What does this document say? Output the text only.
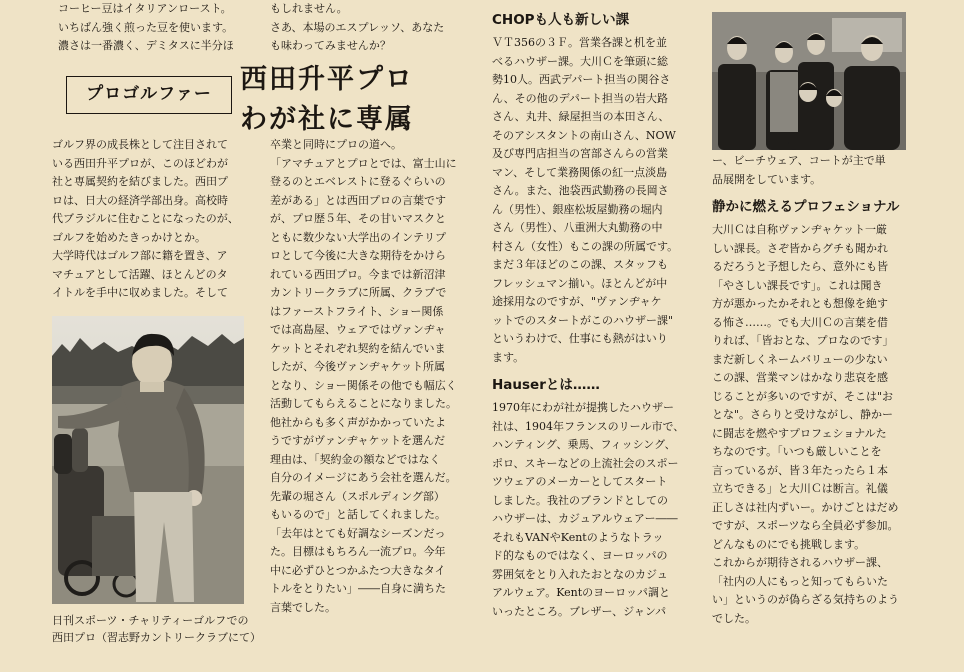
コーヒー豆はイタリアンロースト。
いちばん強く煎った豆を使います。
濃さは一番濃く、デミタスに半分ほ
もしれません。
さあ、本場のエスプレッソ、あなた
も味わってみませんか？
プロゴルファー	西田升平プロ
わが社に専属
ゴルフ界の成長株として注目されて
いる西田升平プロが、このほどわが
社と専属契約を結びました。西田プ
ロは、日大の経済学部出身。高校時
代ブラジルに住むことになったのが、
ゴルフを始めたきっかけとか。
大学時代はゴルフ部に籍を置き、ア
マチュアとして活躍、ほとんどのタ
イトルを手中に収めました。そして
日刊スポーツ・チャリティーゴルフでの
西田プロ（習志野カントリークラブにて）
卒業と同時にプロの道へ。
「アマチュアとプロとでは、富士山に
登るのとエベレストに登るぐらいの
差がある」とは西田プロの言葉です
が、プロ歴５年、その甘いマスクと
ともに数少ない大学出のインテリプ
ロとして今後に大きな期待をかけら
れている西田プロ。今までは新沼津
カントリークラブに所属、クラブで
はファーストフライト、ショー関係
では高島屋、ウェアではヴァンヂャ
ケットとそれぞれ契約を結んでいま
したが、今後ヴァンヂャケット所属
となり、ショー関係その他でも幅広く
活動してもらえることになりました。
他社からも多く声がかかっていたよ
うですがヴァンヂャケットを選んだ
理由は、「契約金の額などではなく
自分のイメージにあう会社を選んだ。
先輩の堀さん（スポルディング部）
もいるので」と話してくれました。
「去年はとても好調なシーズンだっ
た。目標はもちろん一流プロ。今年
中に必ずひとつかふたつ大きなタイ
トルをとりたい」――自身に満ちた
言葉でした。
CHOPも人も新しい課
ＶＴ356の３Ｆ。営業各課と机を並
べるハウザー課。大川Ｃを筆頭に総
勢10人。西武デパート担当の関谷さ
ん、その他のデパート担当の岩大路
さん、丸井、緑屋担当の本田さん、
そのアシスタントの南山さん、NOW
及び専門店担当の宮部さんらの営業
マン、そして業務関係の紅一点淡島
さん。また、池袋西武勤務の長岡さ
ん（男性）、銀座松坂屋勤務の堀内
さん（男性）、八重洲大丸勤務の中
村さん（女性）もこの課の所属です。
まだ３年ほどのこの課、スタッフも
フレッシュマン揃い。ほとんどが中
途採用なのですが、"ヴァンヂャケ
ットでのスタートがこのハウザー課"
というわけで、仕事にも熱がはいり
ます。
Hauserとは……
1970年にわが社が提携したハウザー
社は、1904年フランスのリール市で、
ハンティング、乗馬、フィッシング、
ポロ、スキーなどの上流社会のスポー
ツウェアのメーカーとしてスタート
しました。我社のブランドとしての
ハウザーは、カジュアルウェアー――
それもVANやKentのようなトラッ
ド的なものではなく、ヨーロッパの
雰囲気をとり入れたおとなのカジュ
アルウェア。Kentのヨーロッパ調と
いったところ。ブレザー、ジャンパ
ー、ビーチウェア、コートが主で単
品展開をしています。
静かに燃えるプロフェショナル
大川Ｃは自称ヴァンヂャケット一厳
しい課長。さぞ皆からグチも聞かれ
るだろうと予想したら、意外にも皆
「やさしい課長です」。これは聞き
方が悪かったかそれとも想像を絶す
る怖さ……。でも大川Ｃの言葉を借
りれば、「皆おとな、プロなのです」
まだ新しくネームバリューの少ない
この課、営業マンはかなり悲哀を感
じることが多いのですが、そこは"お
とな"。さらりと受けながし、静かー
に闘志を燃やすプロフェショナルた
ちなのです。「いつも厳しいことを
言っているが、皆３年たったら１本
立ちできる」と大川Ｃは断言。礼儀
正しさは社内ずいー。かけごとはだめ
ですが、スポーツなら全員必ず参加。
どんなものにでも挑戦します。
これからが期待されるハウザー課、
「社内の人にもっと知ってもらいた
い」というのが偽らざる気持ちのよう
でした。
